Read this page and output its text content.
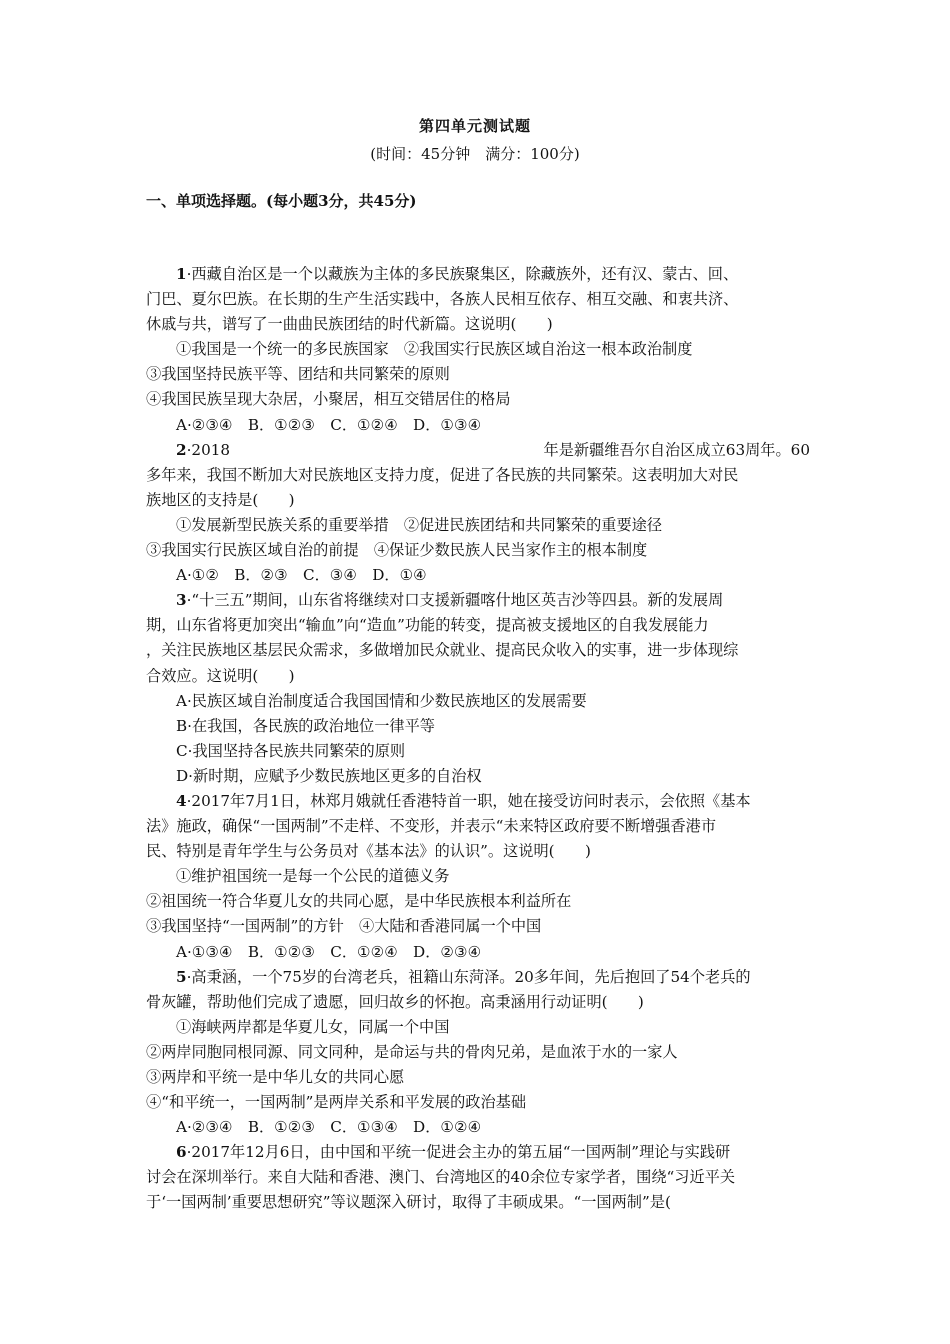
第四单元测试题
(时间：45分钟　满分：100分)
一、单项选择题。(每小题3分，共45分)
1·西藏自治区是一个以藏族为主体的多民族聚集区，除藏族外，还有汉、蒙古、回、
门巴、夏尔巴族。在长期的生产生活实践中，各族人民相互依存、相互交融、和衷共济、
休戚与共，谱写了一曲曲民族团结的时代新篇。这说明(　　)
①我国是一个统一的多民族国家　②我国实行民族区域自治这一根本政治制度
③我国坚持民族平等、团结和共同繁荣的原则
④我国民族呈现大杂居，小聚居，相互交错居住的格局
A·②③④　B．①②③　C．①②④　D．①③④
2·2018	年是新疆维吾尔自治区成立63周年。60
多年来，我国不断加大对民族地区支持力度，促进了各民族的共同繁荣。这表明加大对民
族地区的支持是(　　)
①发展新型民族关系的重要举措　②促进民族团结和共同繁荣的重要途径
③我国实行民族区域自治的前提　④保证少数民族人民当家作主的根本制度
A·①②　B．②③　C．③④　D．①④
3·“十三五”期间，山东省将继续对口支援新疆喀什地区英吉沙等四县。新的发展周
期，山东省将更加突出“输血”向“造血”功能的转变，提高被支援地区的自我发展能力
，关注民族地区基层民众需求，多做增加民众就业、提高民众收入的实事，进一步体现综
合效应。这说明(　　)
A·民族区域自治制度适合我国国情和少数民族地区的发展需要
B·在我国，各民族的政治地位一律平等
C·我国坚持各民族共同繁荣的原则
D·新时期，应赋予少数民族地区更多的自治权
4·2017年7月1日，林郑月娥就任香港特首一职，她在接受访问时表示，会依照《基本
法》施政，确保“一国两制”不走样、不变形，并表示“未来特区政府要不断增强香港市
民、特别是青年学生与公务员对《基本法》的认识”。这说明(　　)
①维护祖国统一是每一个公民的道德义务
②祖国统一符合华夏儿女的共同心愿，是中华民族根本利益所在
③我国坚持“一国两制”的方针　④大陆和香港同属一个中国
A·①③④　B．①②③　C．①②④　D．②③④
5·高秉涵，一个75岁的台湾老兵，祖籍山东菏泽。20多年间，先后抱回了54个老兵的
骨灰罐，帮助他们完成了遗愿，回归故乡的怀抱。高秉涵用行动证明(　　)
①海峡两岸都是华夏儿女，同属一个中国
②两岸同胞同根同源、同文同种，是命运与共的骨肉兄弟，是血浓于水的一家人
③两岸和平统一是中华儿女的共同心愿
④“和平统一，一国两制”是两岸关系和平发展的政治基础
A·②③④　B．①②③　C．①③④　D．①②④
6·2017年12月6日，由中国和平统一促进会主办的第五届“一国两制”理论与实践研
讨会在深圳举行。来自大陆和香港、澳门、台湾地区的40余位专家学者，围绕“习近平关
于‘一国两制’重要思想研究”等议题深入研讨，取得了丰硕成果。“一国两制”是(
